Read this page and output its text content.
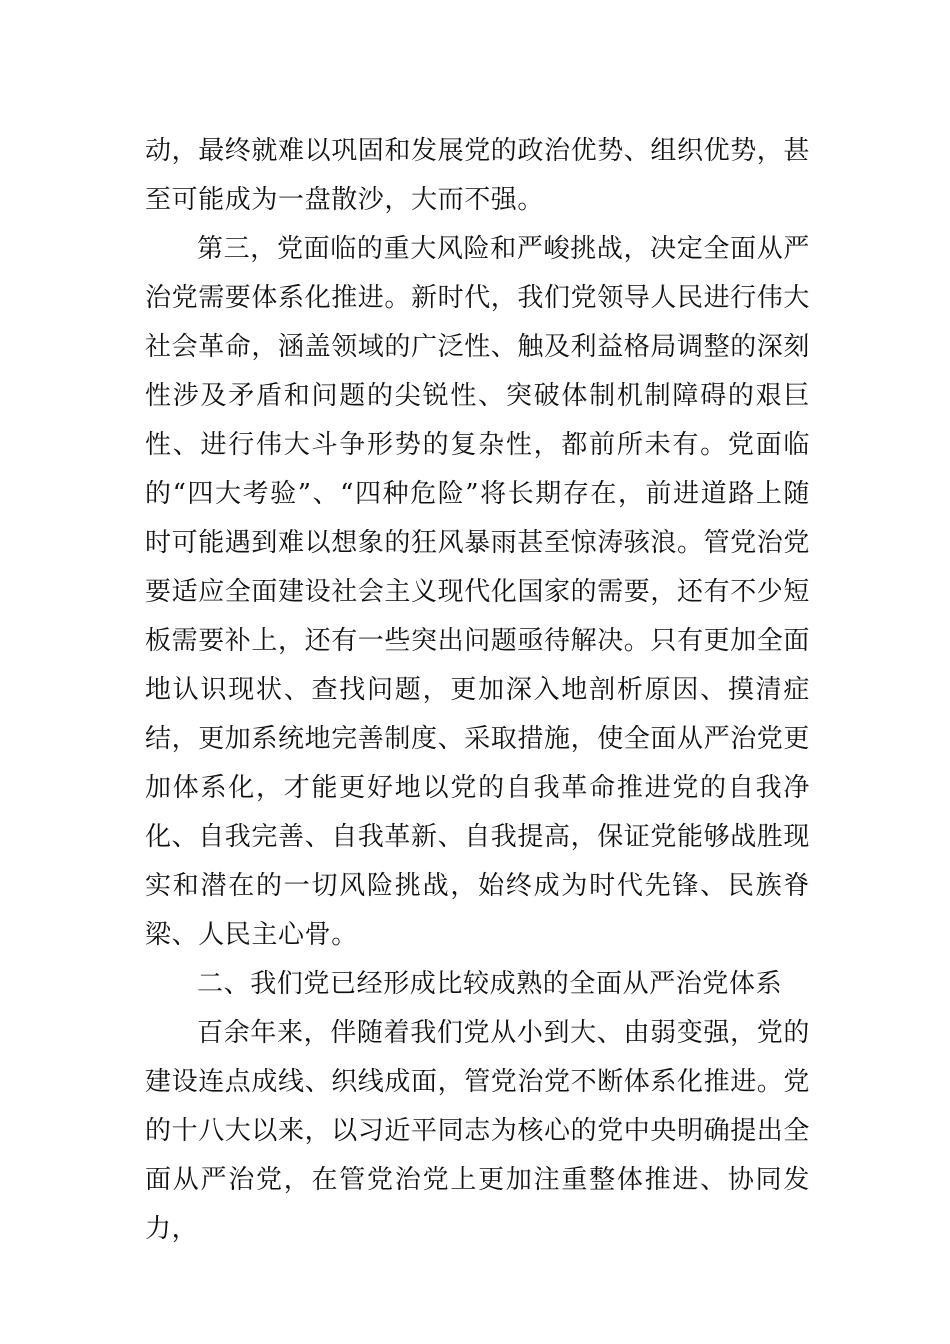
动，最终就难以巩固和发展党的政治优势、组织优势，甚至可能成为一盘散沙，大而不强。

第三，党面临的重大风险和严峻挑战，决定全面从严治党需要体系化推进。新时代，我们党领导人民进行伟大社会革命，涵盖领域的广泛性、触及利益格局调整的深刻性涉及矛盾和问题的尖锐性、突破体制机制障碍的艰巨性、进行伟大斗争形势的复杂性，都前所未有。党面临的“四大考验”、“四种危险”将长期存在，前进道路上随时可能遇到难以想象的狂风暴雨甚至惊涛骇浪。管党治党要适应全面建设社会主义现代化国家的需要，还有不少短板需要补上，还有一些突出问题亟待解决。只有更加全面地认识现状、查找问题，更加深入地剖析原因、摸清症结，更加系统地完善制度、采取措施，使全面从严治党更加体系化，才能更好地以党的自我革命推进党的自我净化、自我完善、自我革新、自我提高，保证党能够战胜现实和潜在的一切风险挑战，始终成为时代先锋、民族脊梁、人民主心骨。

二、我们党已经形成比较成熟的全面从严治党体系

百余年来，伴随着我们党从小到大、由弱变强，党的建设连点成线、织线成面，管党治党不断体系化推进。党的十八大以来，以习近平同志为核心的党中央明确提出全面从严治党，在管党治党上更加注重整体推进、协同发力，
